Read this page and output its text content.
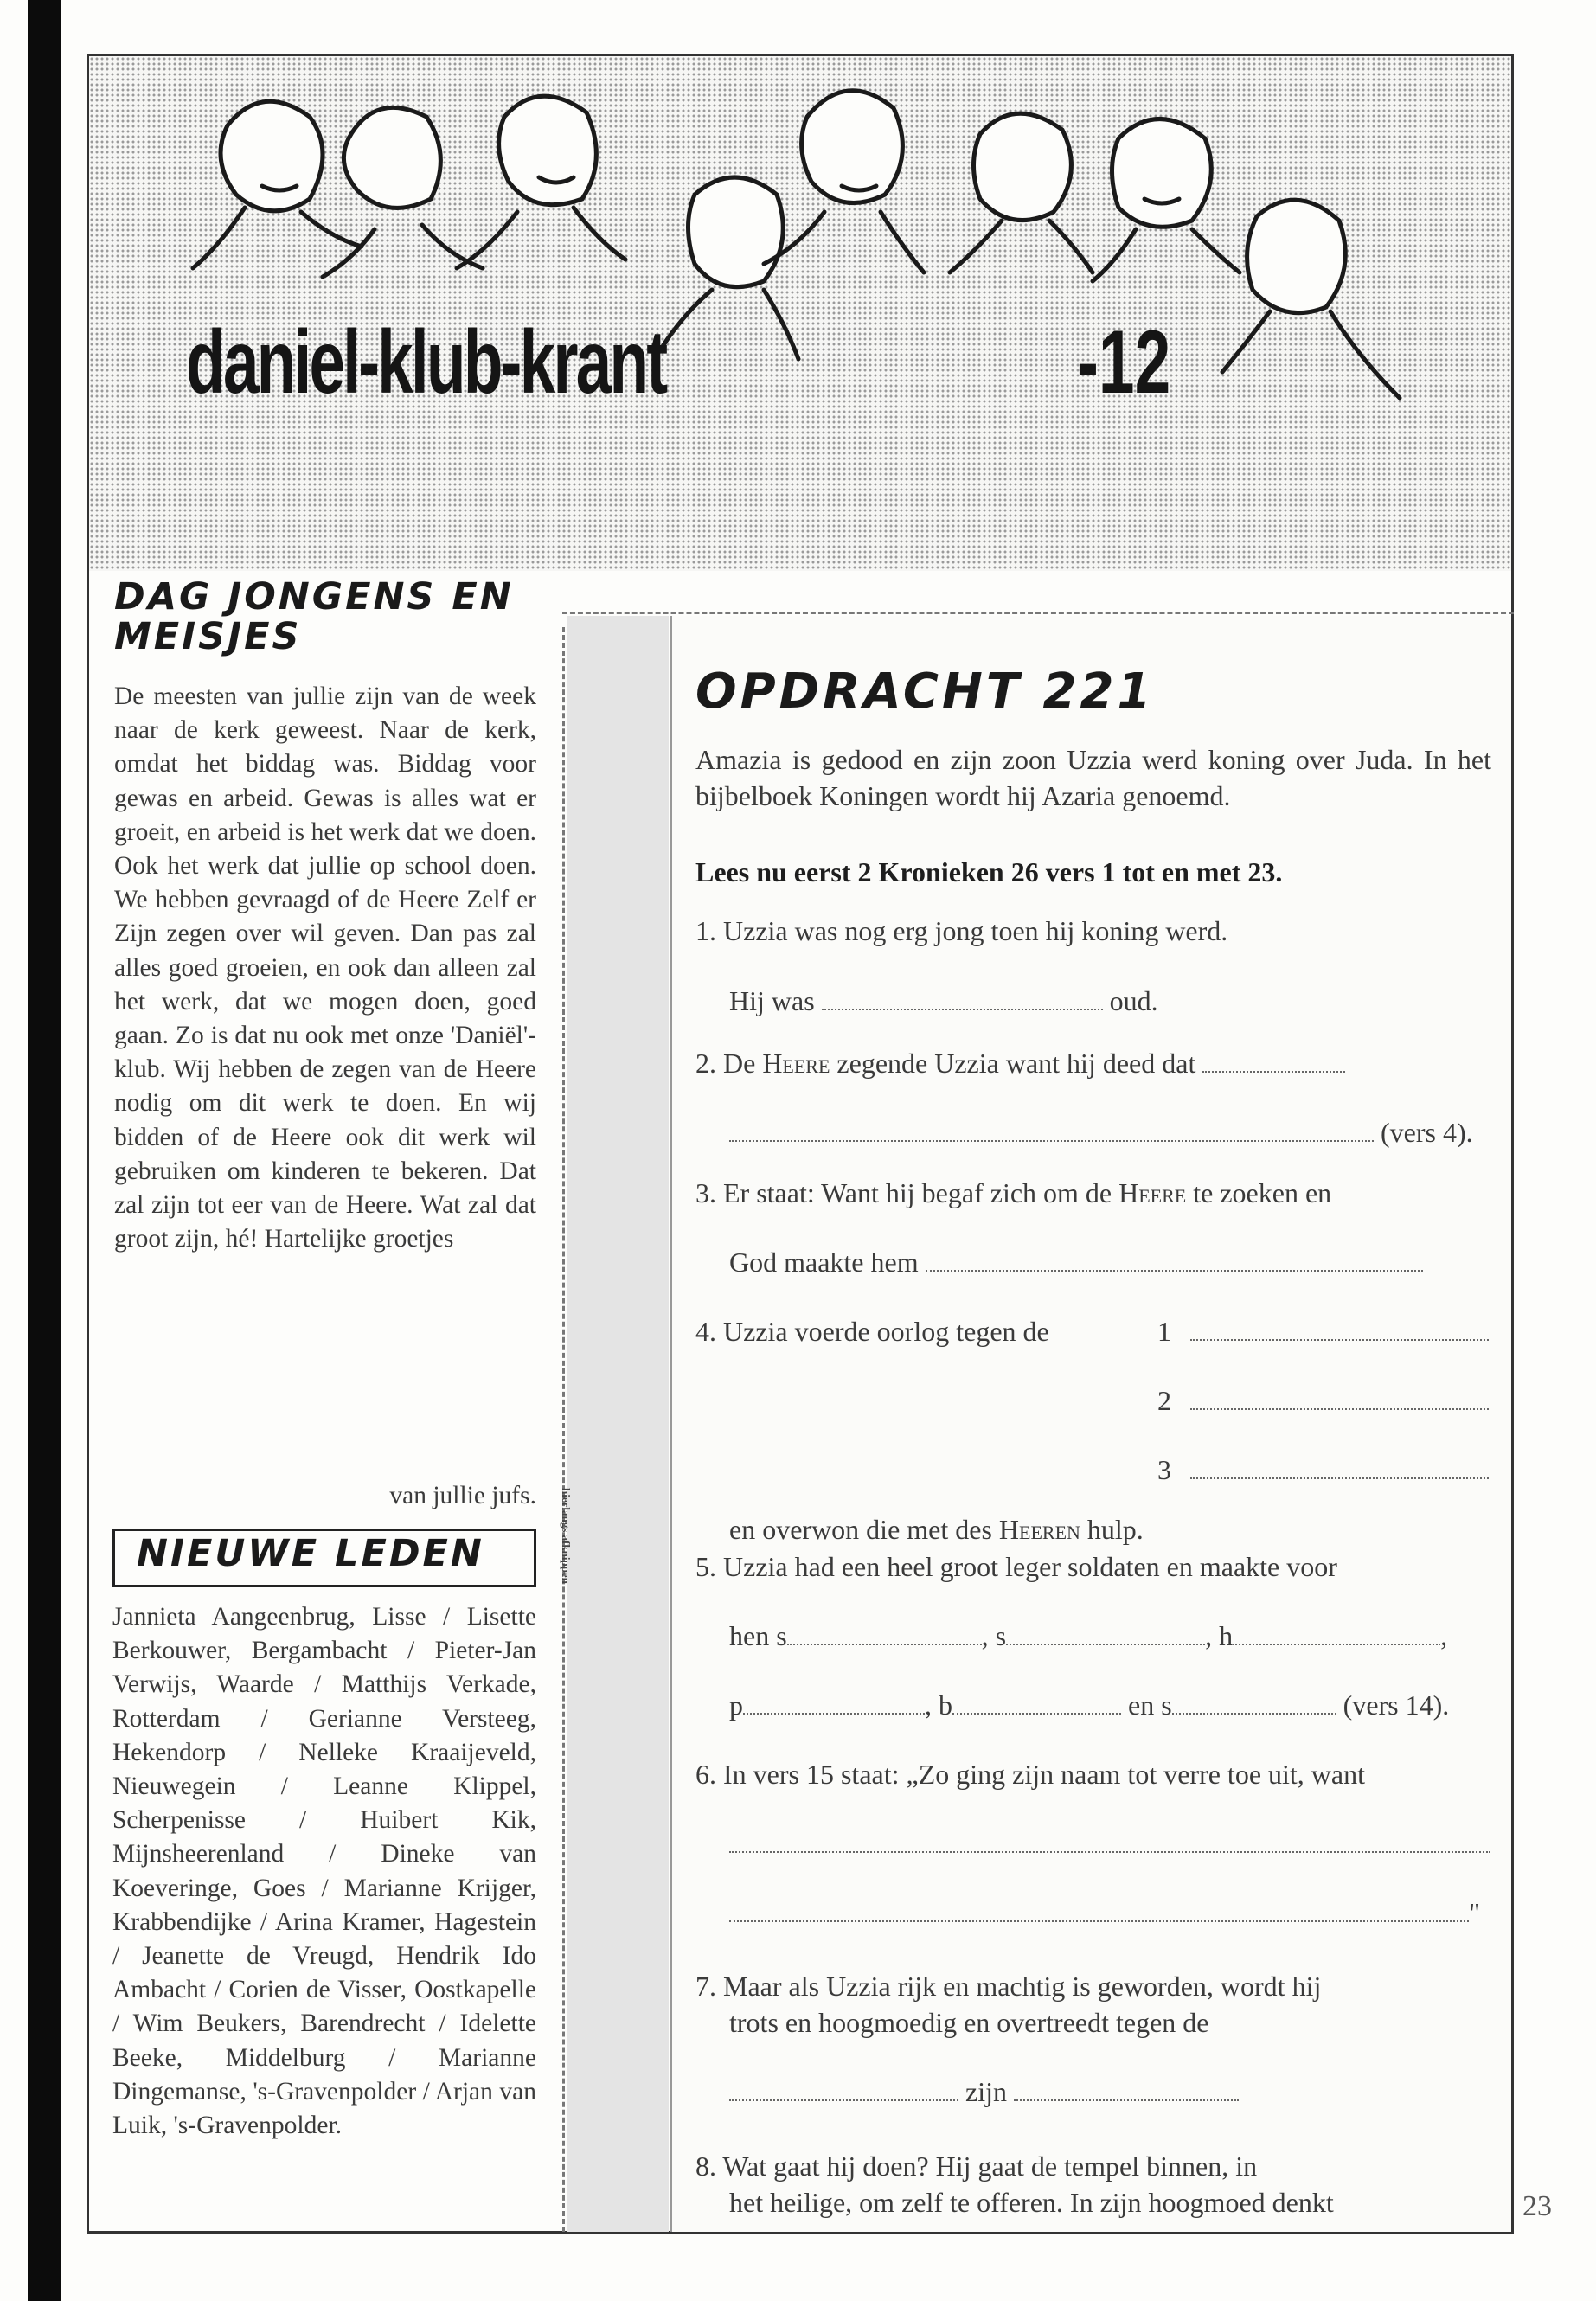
daniel-klub-krant	-12
DAG JONGENS EN MEISJES
De meesten van jullie zijn van de week naar de kerk geweest. Naar de kerk, omdat het biddag was. Biddag voor gewas en arbeid. Gewas is alles wat er groeit, en arbeid is het werk dat we doen. Ook het werk dat jullie op school doen. We hebben gevraagd of de Heere Zelf er Zijn zegen over wil geven. Dan pas zal alles goed groeien, en ook dan alleen zal het werk, dat we mogen doen, goed gaan. Zo is dat nu ook met onze 'Daniël'-klub. Wij hebben de zegen van de Heere nodig om dit werk te doen. En wij bidden of de Heere ook dit werk wil gebruiken om kinderen te bekeren. Dat zal zijn tot eer van de Heere. Wat zal dat groot zijn, hé! Hartelijke groetjes
van jullie jufs.
NIEUWE LEDEN
Jannieta Aangeenbrug, Lisse / Lisette Berkouwer, Bergambacht / Pieter-Jan Verwijs, Waarde / Matthijs Verkade, Rotterdam / Gerianne Versteeg, Hekendorp / Nelleke Kraaijeveld, Nieuwegein / Leanne Klippel, Scherpenisse / Huibert Kik, Mijnsheerenland / Dineke van Koeveringe, Goes / Marianne Krijger, Krabbendijke / Arina Kramer, Hagestein / Jeanette de Vreugd, Hendrik Ido Ambacht / Corien de Visser, Oostkapelle / Wim Beukers, Barendrecht / Idelette Beeke, Middelburg / Marianne Dingemanse, 's-Gravenpolder / Arjan van Luik, 's-Gravenpolder.
hierlangs afknippen
OPDRACHT 221
Amazia is gedood en zijn zoon Uzzia werd koning over Juda. In het bijbelboek Koningen wordt hij Azaria genoemd.
Lees nu eerst 2 Kronieken 26 vers 1 tot en met 23.
1. Uzzia was nog erg jong toen hij koning werd.
Hij was	oud.
2. De Heere zegende Uzzia want hij deed dat
(vers 4).
3. Er staat: Want hij begaf zich om de Heere te zoeken en
God maakte hem
4. Uzzia voerde oorlog tegen de	1
2
3
en overwon die met des Heeren hulp.
5. Uzzia had een heel groot leger soldaten en maakte voor
hen s	, s	, h	,
p	, b	en s	(vers 14).
6. In vers 15 staat: „Zo ging zijn naam tot verre toe uit, want
"
7. Maar als Uzzia rijk en machtig is geworden, wordt hij
trots en hoogmoedig en overtreedt tegen de
zijn
8. Wat gaat hij doen? Hij gaat de tempel binnen, in
het heilige, om zelf te offeren. In zijn hoogmoed denkt	23
